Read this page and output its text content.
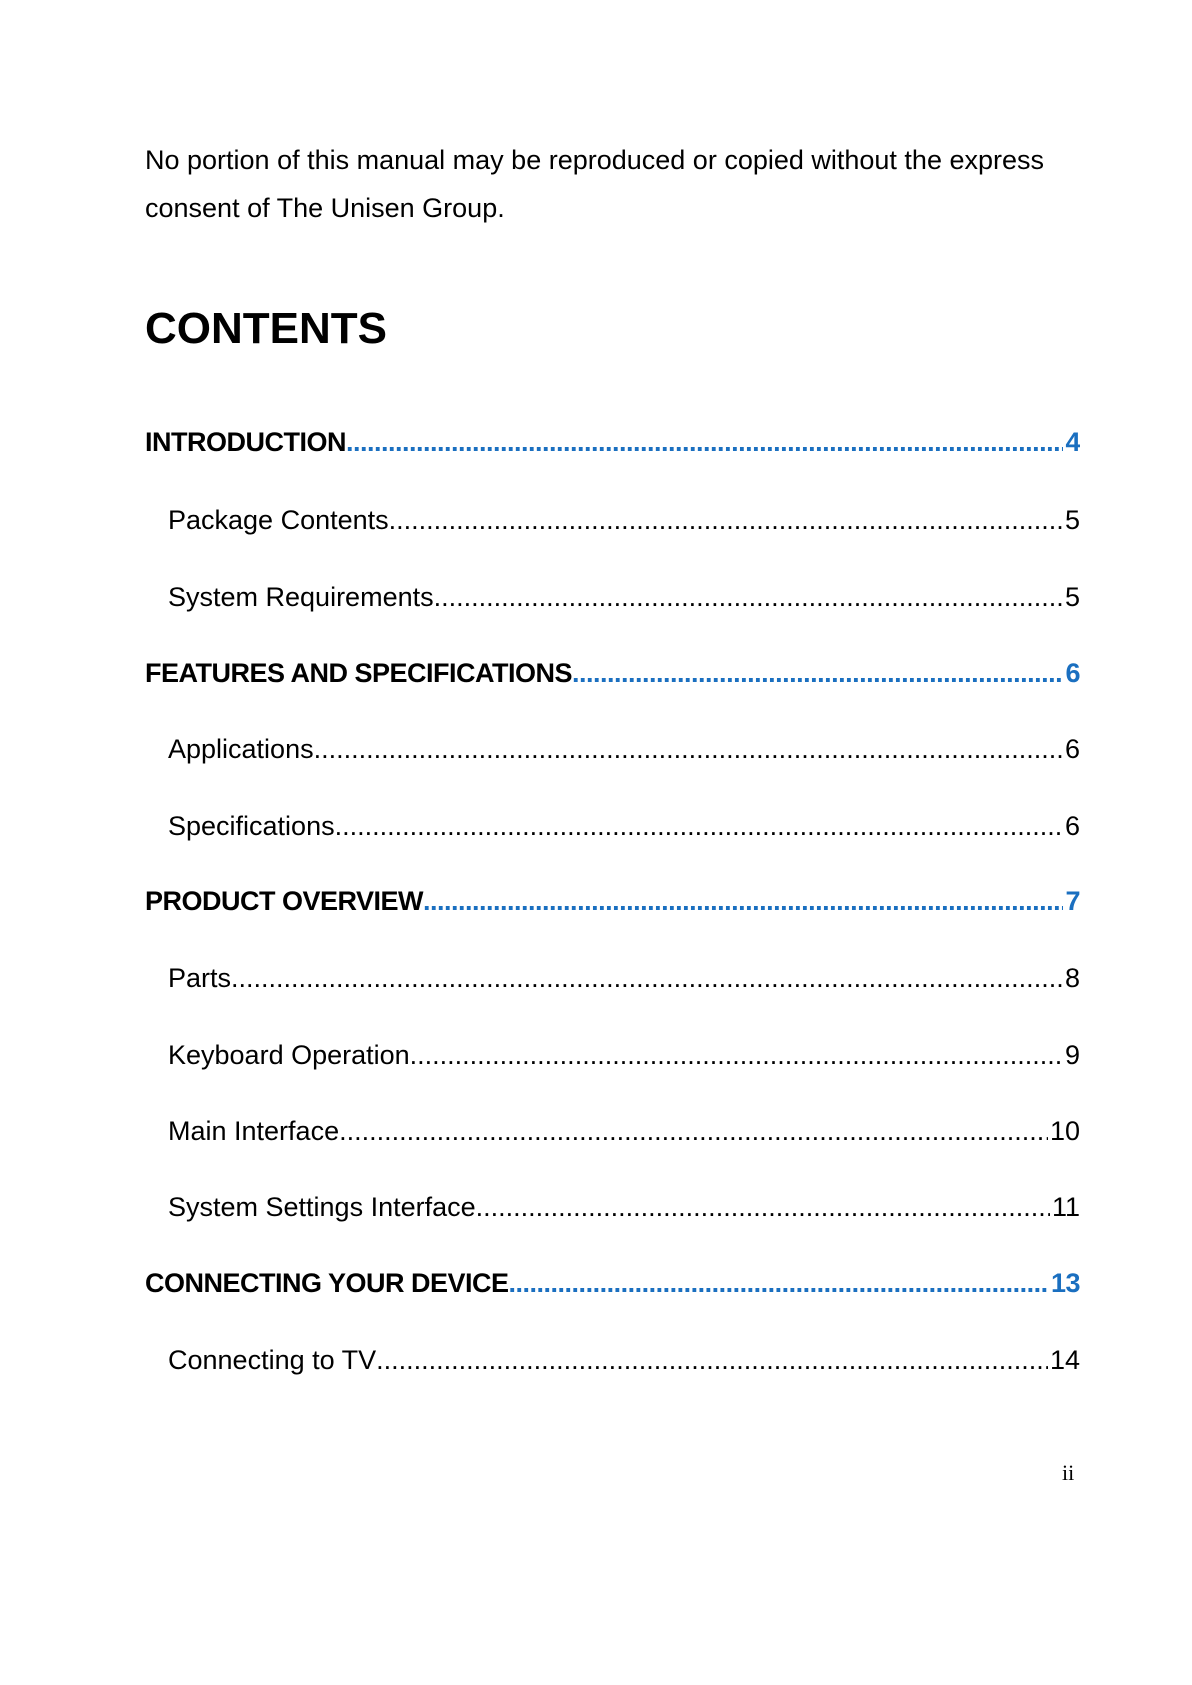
No portion of this manual may be reproduced or copied without the express consent of The Unisen Group.

CONTENTS
INTRODUCTION .....	4
Package Contents .....	5
System Requirements .....	5
FEATURES AND SPECIFICATIONS .....	6
Applications .....	6
Specifications .....	6
PRODUCT OVERVIEW .....	7
Parts .....	8
Keyboard Operation .....	9
Main Interface .....	10
System Settings Interface .....	11
CONNECTING YOUR DEVICE .....	13
Connecting to TV .....	14

ii
